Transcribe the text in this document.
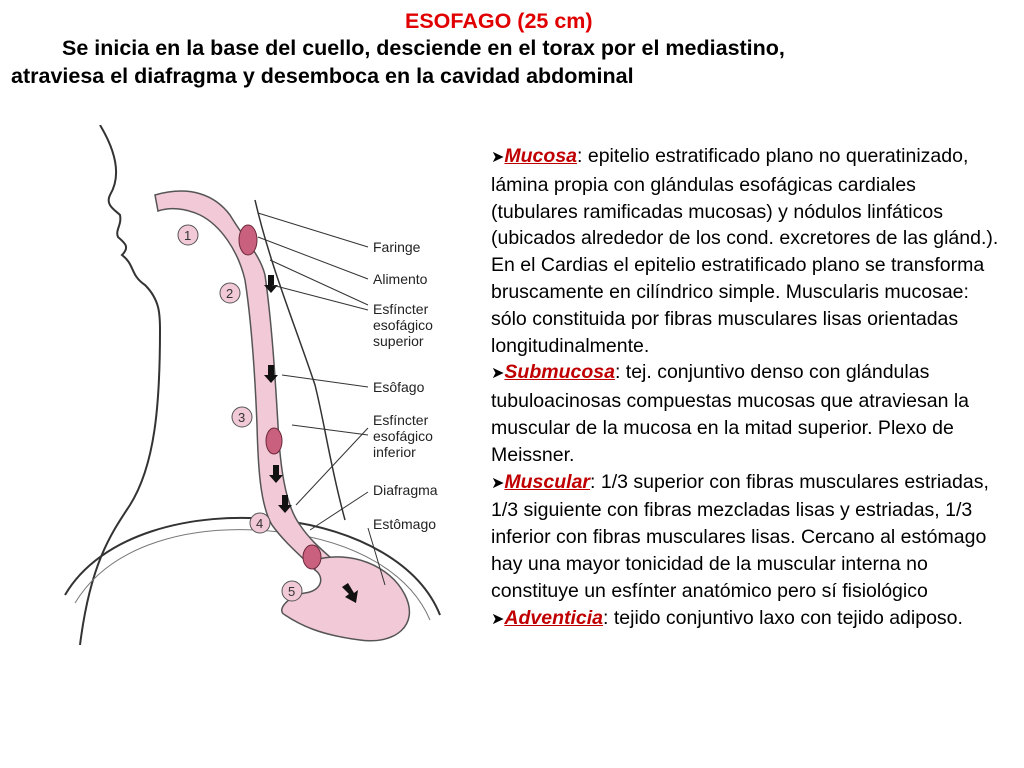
ESOFAGO (25 cm)
Se inicia en la base del cuello, desciende en el torax por el mediastino,
atraviesa el diafragma y desemboca en la cavidad abdominal
1
2
3
4
5
Faringe
Alimento
Esfíncter
esofágico
superior
Esôfago
Esfíncter
esofágico
inferior
Diafragma
Estômago

➤Mucosa: epitelio estratificado plano no queratinizado, lámina propia con glándulas esofágicas cardiales (tubulares ramificadas mucosas) y nódulos linfáticos (ubicados alrededor de los cond. excretores de las glánd.). En el Cardias el epitelio estratificado plano se transforma bruscamente en cilíndrico simple. Muscularis mucosae: sólo constituida por fibras musculares lisas orientadas longitudinalmente.

➤Submucosa: tej. conjuntivo denso con glándulas tubuloacinosas compuestas mucosas que atraviesan la muscular de la mucosa en la mitad superior. Plexo de Meissner.

➤Muscular: 1/3 superior con fibras musculares estriadas, 1/3 siguiente con fibras mezcladas lisas y estriadas, 1/3 inferior con fibras musculares lisas. Cercano al estómago hay una mayor tonicidad de la muscular interna no constituye un esfínter anatómico pero sí fisiológico

➤Adventicia: tejido conjuntivo laxo con tejido adiposo.
